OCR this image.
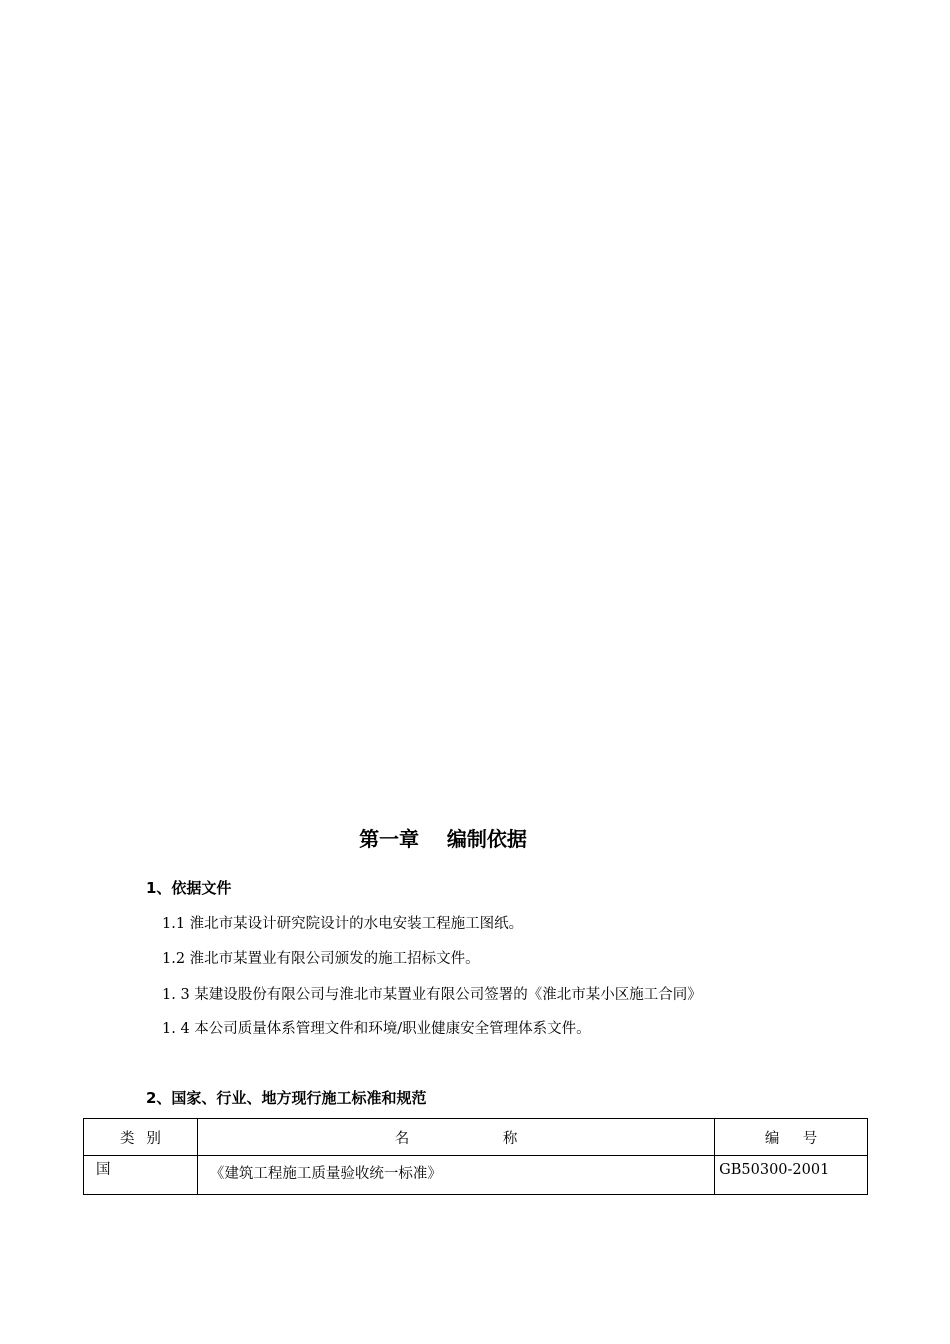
第一章    编制依据
1、依据文件
1.1 淮北市某设计研究院设计的水电安装工程施工图纸。
1.2 淮北市某置业有限公司颁发的施工招标文件。
1. 3 某建设股份有限公司与淮北市某置业有限公司签署的《淮北市某小区施工合同》
1. 4 本公司质量体系管理文件和环境/职业健康安全管理体系文件。
2、国家、行业、地方现行施工标准和规范
类 别	名 称	编 号

国	《建筑工程施工质量验收统一标准》	GB50300-2001
